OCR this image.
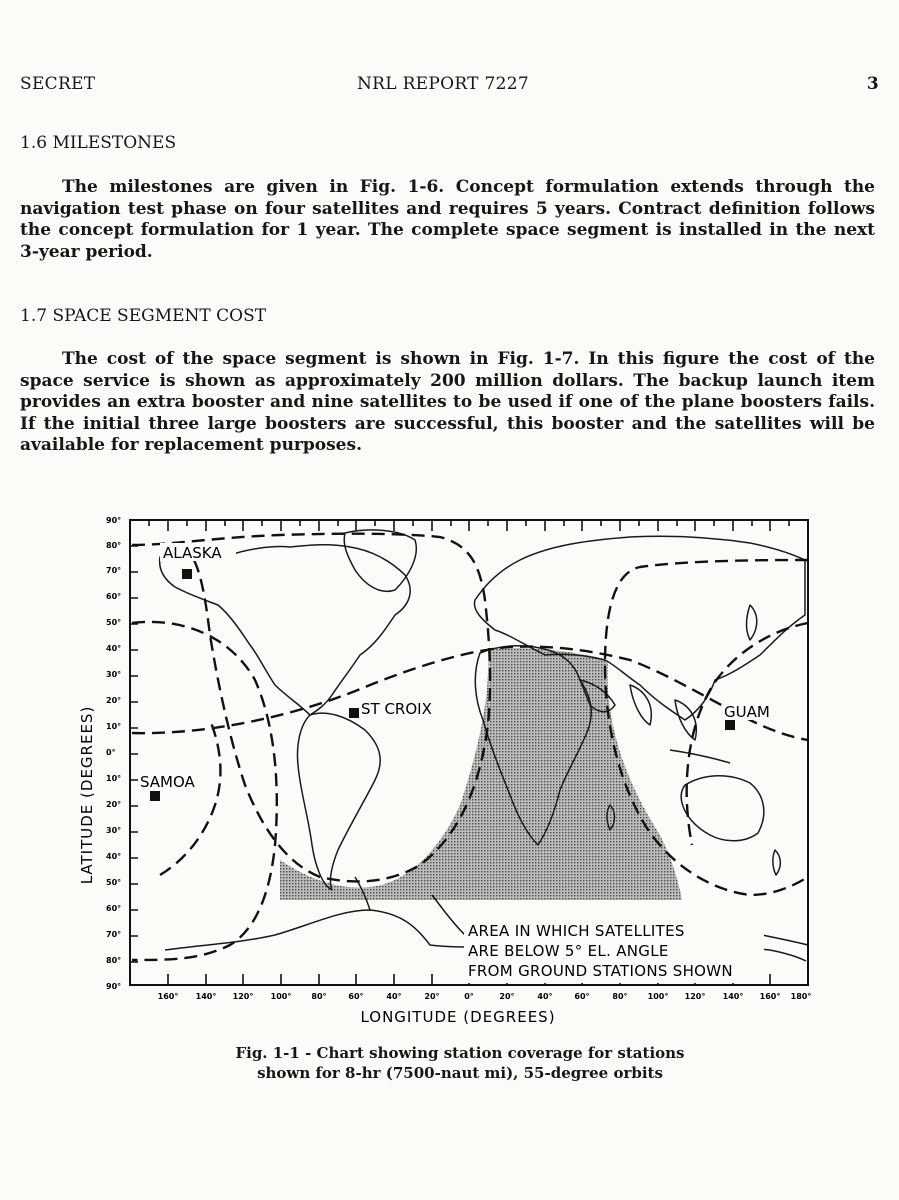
SECRET	NRL REPORT 7227	3
1.6 MILESTONES

The milestones are given in Fig. 1-6. Concept formulation extends through the navigation test phase on four satellites and requires 5 years. Contract definition follows the concept formulation for 1 year. The complete space segment is installed in the next 3-year period.

1.7 SPACE SEGMENT COST

The cost of the space segment is shown in Fig. 1-7. In this figure the cost of the space service is shown as approximately 200 million dollars. The backup launch item provides an extra booster and nine satellites to be used if one of the plane boosters fails. If the initial three large boosters are successful, this booster and the satellites will be available for replacement purposes.

LATITUDE (DEGREES)
90°
80°
70°
60°
50°
40°
30°
20°
10°
0°
10°
20°
30°
40°
50°
60°
70°
80°
90°
ALASKA
ST CROIX	GUAM
SAMOA
AREA IN WHICH SATELLITES
ARE BELOW 5° EL. ANGLE
FROM GROUND STATIONS SHOWN
160° 140° 120° 100°	80°	60°	40°	20°	0°	20°	40°	60°	80°	100° 120° 140° 160° 180°
LONGITUDE (DEGREES)
Fig. 1-1 - Chart showing station coverage for stations
shown for 8-hr (7500-naut mi), 55-degree orbits
